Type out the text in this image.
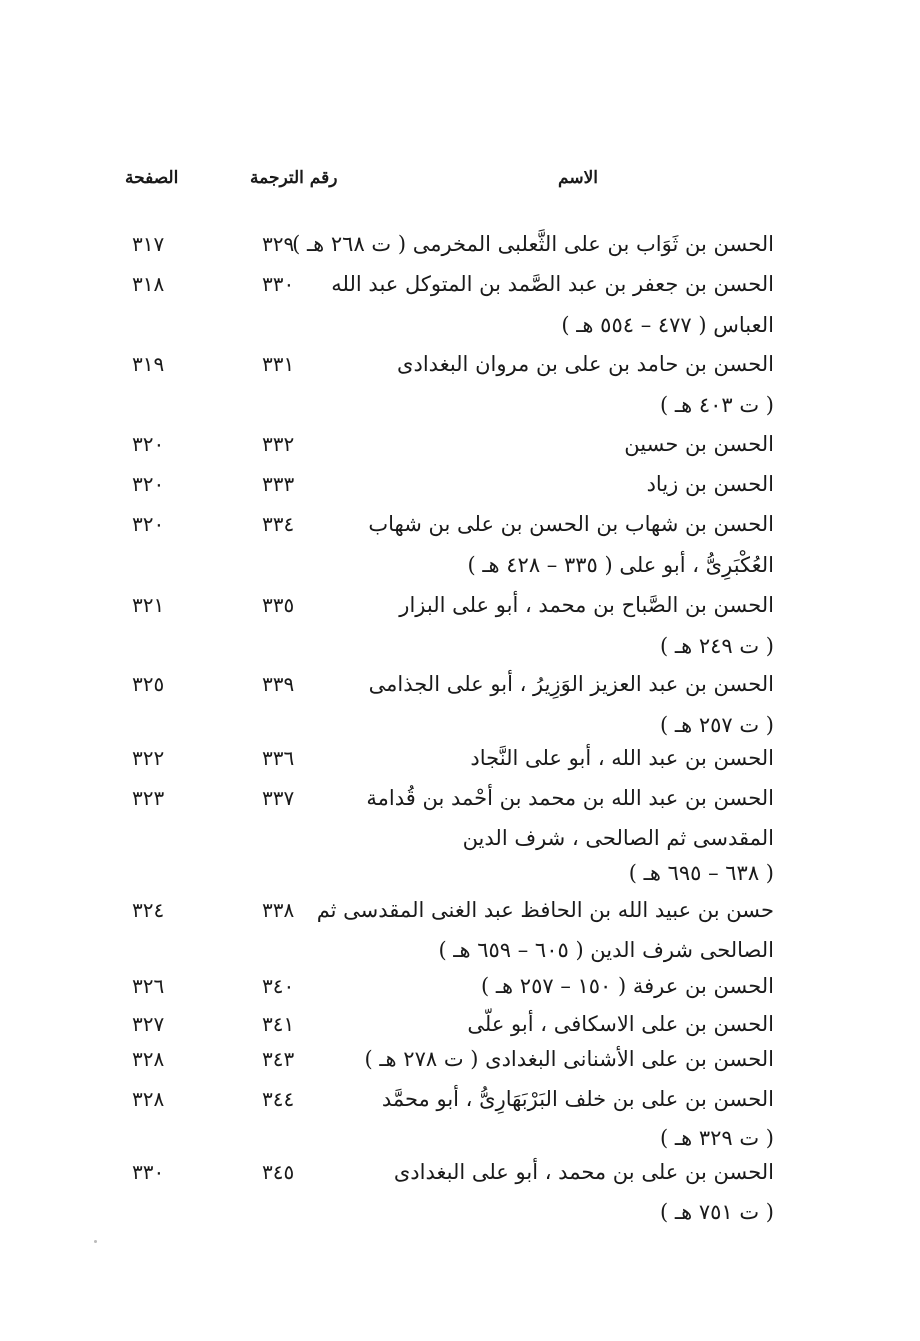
الاسم
رقم الترجمة
الصفحة
الحسن بن ثَوَاب بن على الثَّعلبى المخرمى ( ت ٢٦٨ هـ )
٣٢٩
٣١٧
الحسن بن جعفر بن عبد الصَّمد بن المتوكل عبد الله
العباس ( ٤٧٧ – ٥٥٤ هـ )
٣٣٠
٣١٨
الحسن بن حامد بن على بن مروان البغدادى
( ت ٤٠٣ هـ )
٣٣١
٣١٩
الحسن بن حسين
٣٣٢
٣٢٠
الحسن بن زياد
٣٣٣
٣٢٠
الحسن بن شهاب بن الحسن بن على بن شهاب
العُكْبَرِىُّ ، أبو على ( ٣٣٥ – ٤٢٨ هـ )
٣٣٤
٣٢٠
الحسن بن الصَّباح بن محمد ، أبو على البزار
( ت ٢٤٩ هـ )
٣٣٥
٣٢١
الحسن بن عبد العزيز الوَزِيرُ ، أبو على الجذامى
( ت ٢٥٧ هـ )
٣٣٩
٣٢٥
الحسن بن عبد الله ، أبو على النَّجاد
٣٣٦
٣٢٢
الحسن بن عبد الله بن محمد بن أحْمد بن قُدامة
المقدسى ثم الصالحى ، شرف الدين
( ٦٣٨ – ٦٩٥ هـ )
٣٣٧
٣٢٣
حسن بن عبيد الله بن الحافظ عبد الغنى المقدسى ثم
الصالحى شرف الدين ( ٦٠٥ – ٦٥٩ هـ )
٣٣٨
٣٢٤
الحسن بن عرفة ( ١٥٠ – ٢٥٧ هـ )
٣٤٠
٣٢٦
الحسن بن على الاسكافى ، أبو علّى
٣٤١
٣٢٧
الحسن بن على الأشنانى البغدادى ( ت ٢٧٨ هـ )
٣٤٣
٣٢٨
الحسن بن على بن خلف البَرْبَهَارِىُّ ، أبو محمَّد
( ت ٣٢٩ هـ )
٣٤٤
٣٢٨
الحسن بن على بن محمد ، أبو على البغدادى
( ت ٧٥١ هـ )
٣٤٥
٣٣٠
